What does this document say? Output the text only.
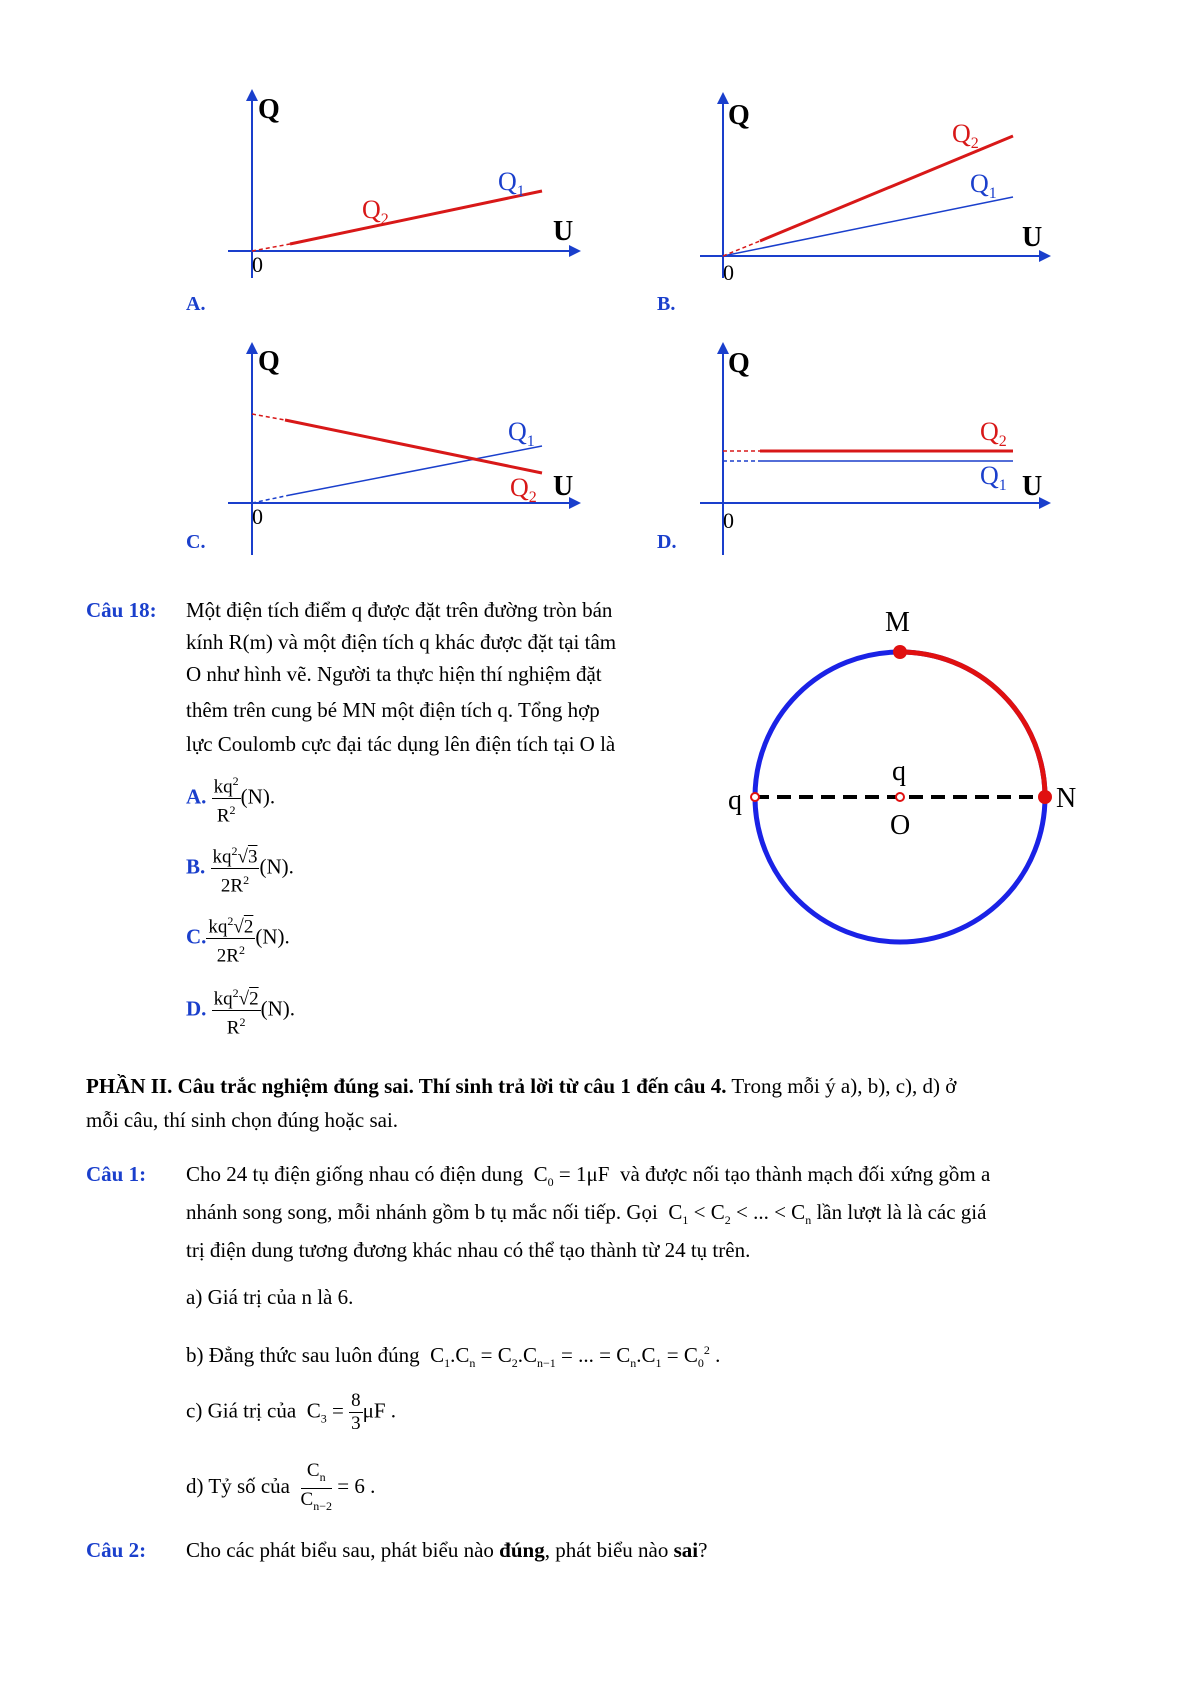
Q
U
0
$Q_1$
$Q_2$
A.
Q
U
0
$Q_1$
$Q_2$
B.
Q
U
0
$Q_1$
$Q_2$
C.
Q
U
0
$Q_1$
$Q_2$
D.
Câu 18: Một điện tích điểm q được đặt trên đường tròn bán
kính R(m) và một điện tích q khác được đặt tại tâm
O như hình vẽ. Người ta thực hiện thí nghiệm đặt
thêm trên cung bé MN một điện tích q. Tổng hợp
lực Coulomb cực đại tác dụng lên điện tích tại O là
A. $\frac{kq^2}{R^2} (N)$.
B. $\frac{kq^2√3}{2R^2} (N)$.
C. $\frac{kq^2√2}{2R^2} (N)$.
D. $\frac{kq^2√2}{R^2} (N)$.
M
N
O
q
q
PHẦN II. Câu trắc nghiệm đúng sai. Thí sinh trả lời từ câu 1 đến câu 4. Trong mỗi ý a), b), c), d) ở
mỗi câu, thí sinh chọn đúng hoặc sai.
Câu 1: Cho 24 tụ điện giống nhau có điện dung  $C_0 = 1\mu F$  và được nối tạo thành mạch đối xứng gồm a
nhánh song song, mỗi nhánh gồm b tụ mắc nối tiếp. Gọi  $C_1 < C_2$ < ... < $C_n$ lần lượt là là các giá
trị điện dung tương đương khác nhau có thể tạo thành từ 24 tụ trên.
a) Giá trị của n là 6.
b) Đẳng thức sau luôn đúng  $C_1.C_n = C_2.C_{n-1}$ = ... = $C_n.C_1 = C_0^2$ .
c) Giá trị của  $C_3 = \frac{8}{3}$ μF .
d) Tỷ số của $\frac{C_n}{C_{n-2}} = 6$ .
Câu 2: Cho các phát biểu sau, phát biểu nào đúng, phát biểu nào sai?
